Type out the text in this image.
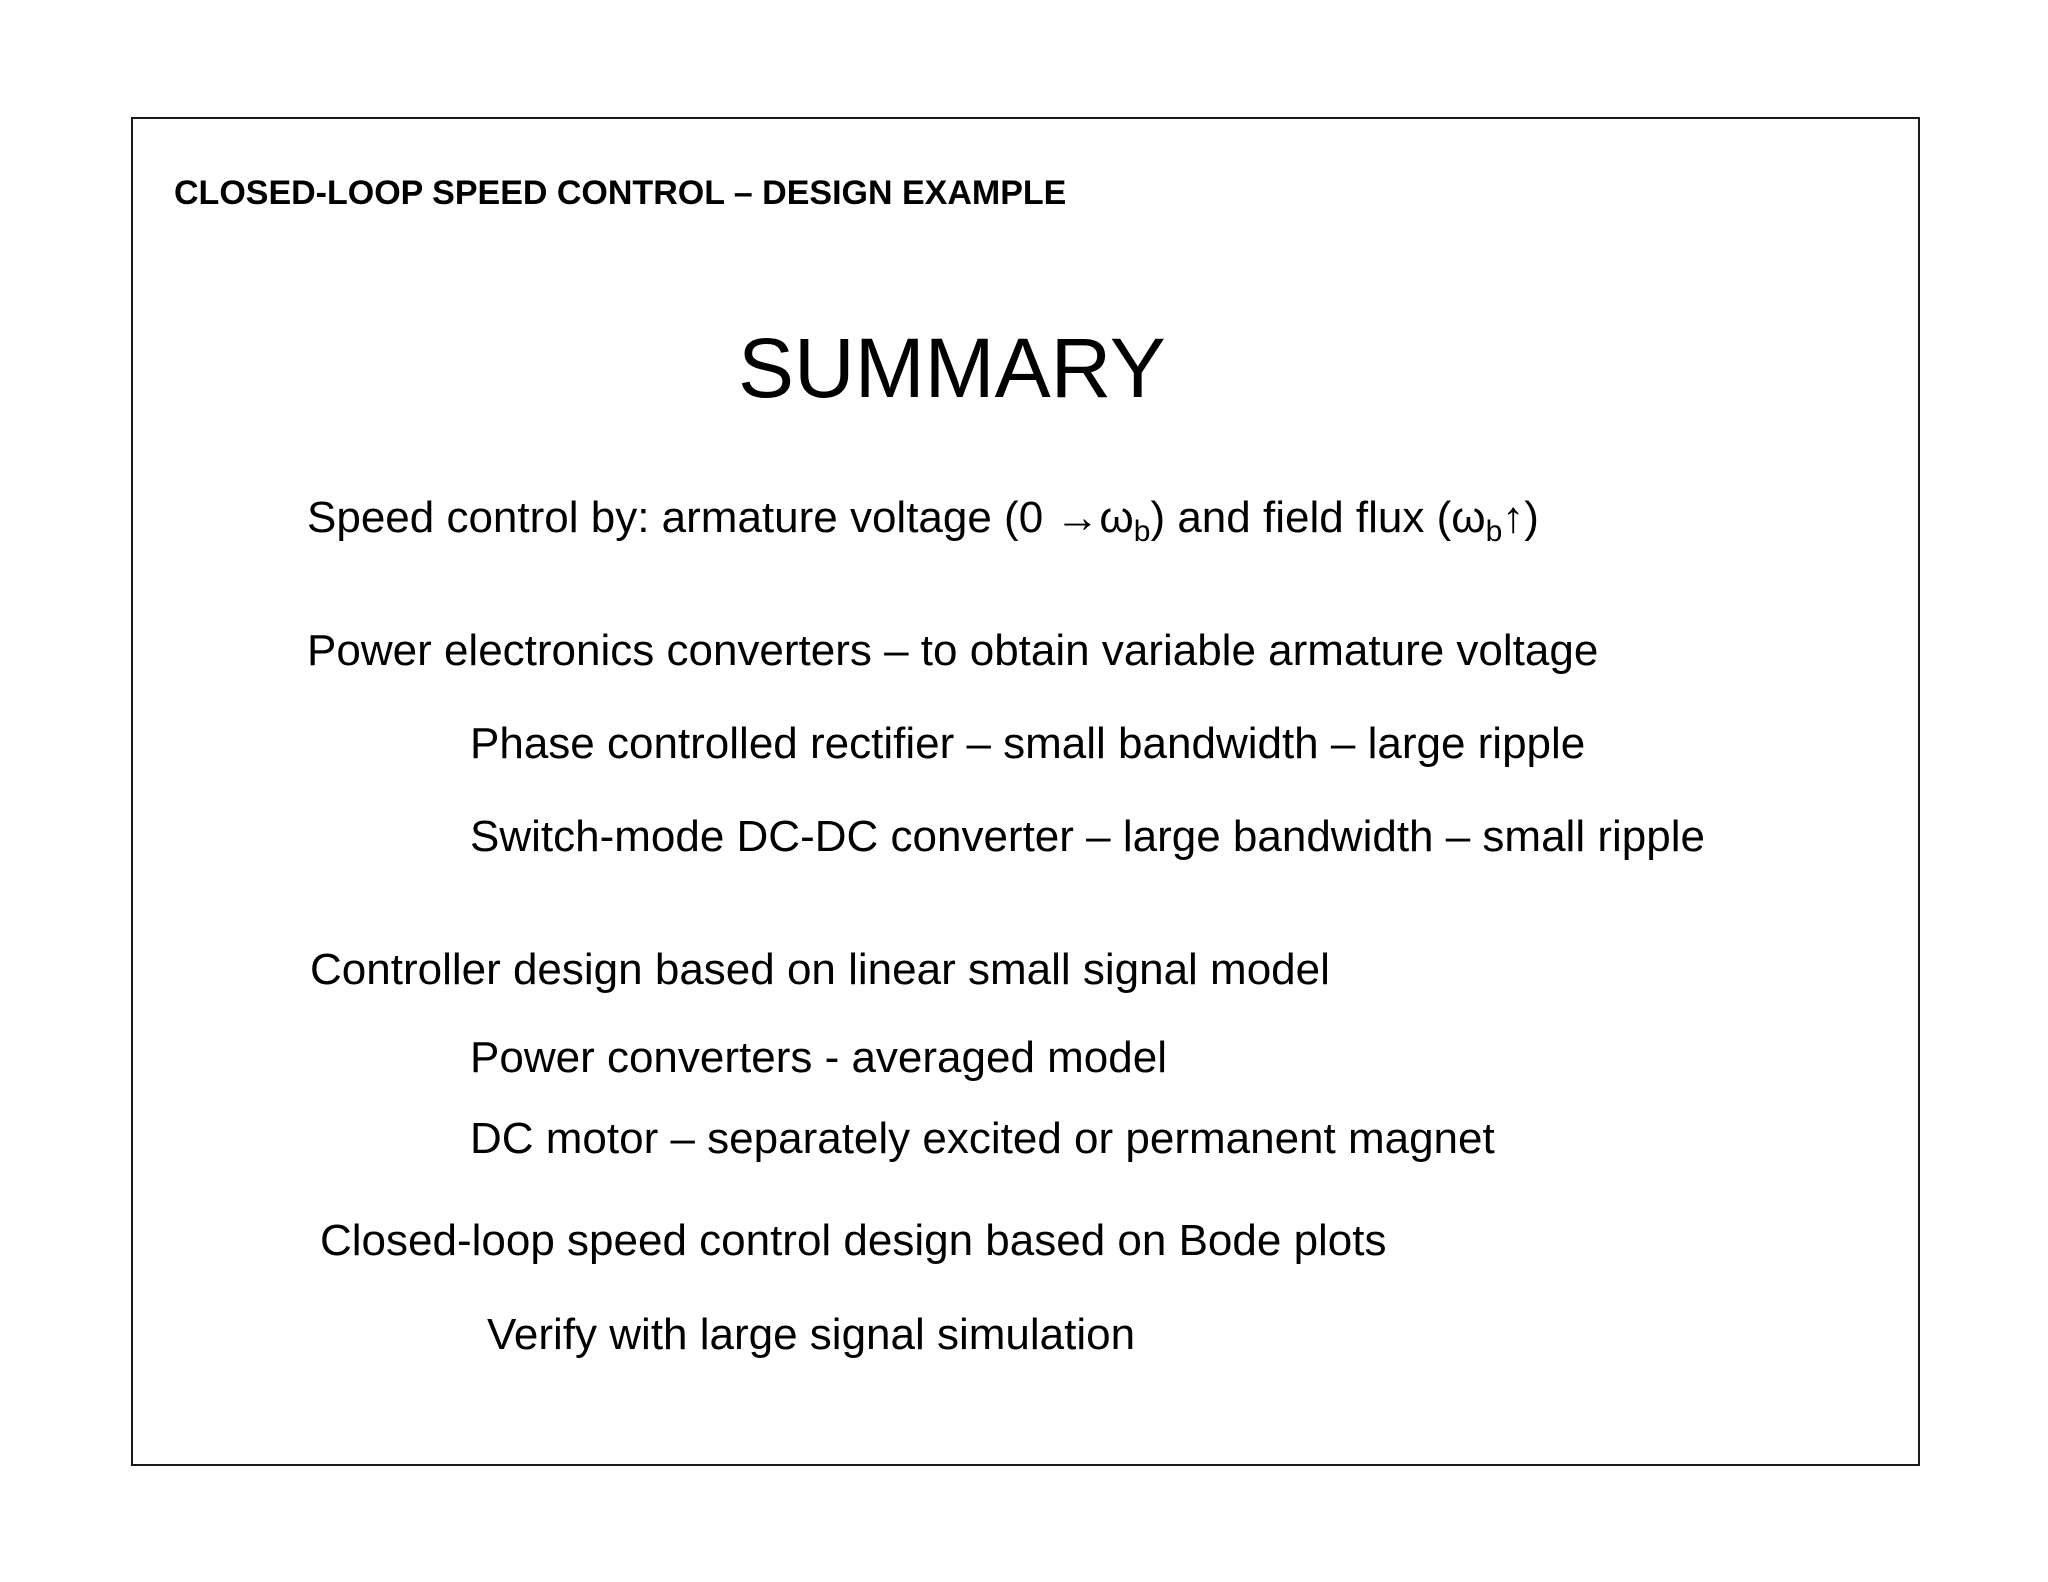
CLOSED-LOOP SPEED CONTROL – DESIGN EXAMPLE
SUMMARY
Speed control by: armature voltage $(0 \to\omega_b)$ and field flux $(\omega_b↑)$
Power electronics converters – to obtain variable armature voltage
Phase controlled rectifier – small bandwidth – large ripple
Switch-mode DC-DC converter – large bandwidth – small ripple
Controller design based on linear small signal model
Power converters - averaged model
DC motor – separately excited or permanent magnet
Closed-loop speed control design based on Bode plots
Verify with large signal simulation
